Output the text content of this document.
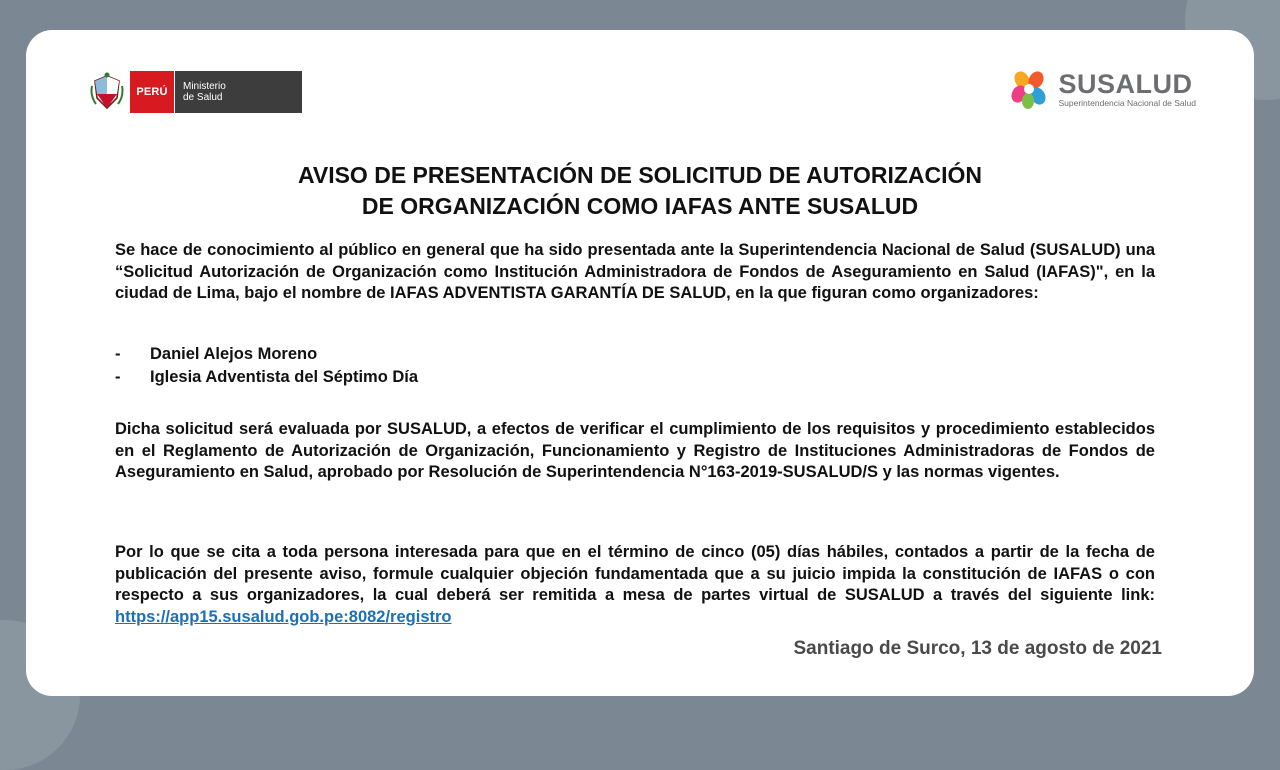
PERÚ	Ministerio
de Salud	SUSALUD
Superintendencia Nacional de Salud
AVISO DE PRESENTACIÓN DE SOLICITUD DE AUTORIZACIÓN
DE ORGANIZACIÓN COMO IAFAS ANTE SUSALUD
Se hace de conocimiento al público en general que ha sido presentada ante la Superintendencia Nacional de Salud (SUSALUD) una “Solicitud Autorización de Organización como Institución Administradora de Fondos de Aseguramiento en Salud (IAFAS)", en la ciudad de Lima, bajo el nombre de IAFAS ADVENTISTA GARANTÍA DE SALUD, en la que figuran como organizadores:
-	Daniel Alejos Moreno
-	Iglesia Adventista del Séptimo Día
Dicha solicitud será evaluada por SUSALUD, a efectos de verificar el cumplimiento de los requisitos y procedimiento establecidos en el Reglamento de Autorización de Organización, Funcionamiento y Registro de Instituciones Administradoras de Fondos de Aseguramiento en Salud, aprobado por Resolución de Superintendencia N°163-2019-SUSALUD/S y las normas vigentes.
Por lo que se cita a toda persona interesada para que en el término de cinco (05) días hábiles, contados a partir de la fecha de publicación del presente aviso, formule cualquier objeción fundamentada que a su juicio impida la constitución de IAFAS o con respecto a sus organizadores, la cual deberá ser remitida a mesa de partes virtual de SUSALUD a través del siguiente link: https://app15.susalud.gob.pe:8082/registro
Santiago de Surco, 13 de agosto de 2021
